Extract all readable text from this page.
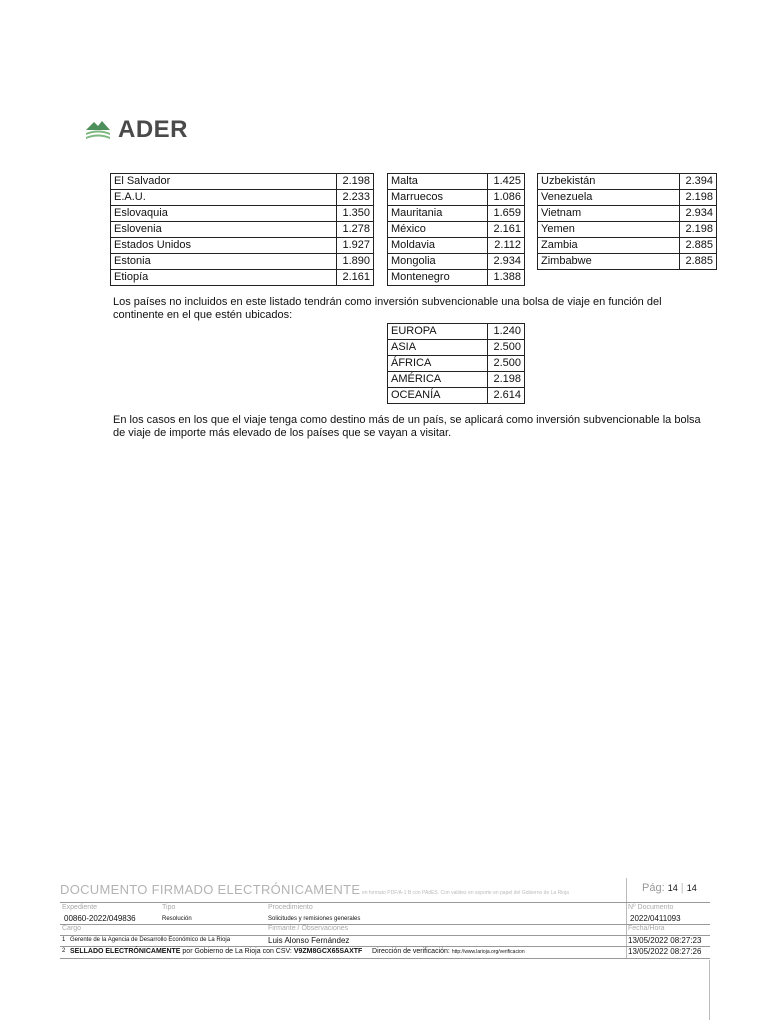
ADER
El Salvador	2.198
E.A.U.	2.233
Eslovaquia	1.350
Eslovenia	1.278
Estados Unidos	1.927
Estonia	1.890
Etiopía	2.161
Malta	1.425
Marruecos	1.086
Mauritania	1.659
México	2.161
Moldavia	2.112
Mongolia	2.934
Montenegro	1.388
Uzbekistán	2.394
Venezuela	2.198
Vietnam	2.934
Yemen	2.198
Zambia	2.885
Zimbabwe	2.885
Los países no incluidos en este listado tendrán como inversión subvencionable una bolsa de viaje en función del continente en el que estén ubicados:
EUROPA	1.240
ASIA	2.500
ÁFRICA	2.500
AMÉRICA	2.198
OCEANÍA	2.614
En los casos en los que el viaje tenga como destino más de un país, se aplicará como inversión subvencionable la bolsa de viaje de importe más elevado de los países que se vayan a visitar.
DOCUMENTO FIRMADO ELECTRÓNICAMENTE en formato PDF/A-1 B con PAdES. Con validez en soporte en papel del Gobierno de La Rioja	Pág: 14 | 14
Expediente	Tipo	Procedimiento	Nº Documento
00860-2022/049836	Resolución	Solicitudes y remisiones generales	2022/0411093
Cargo	Firmante / Observaciones	Fecha/Hora
1 Gerente de la Agencia de Desarrollo Económico de La Rioja	Luis Alonso Fernández	13/05/2022 08:27:23
2 SELLADO ELECTRÓNICAMENTE por Gobierno de La Rioja con CSV: V9ZM8GCX65SAXTF Dirección de verificación: http://www.larioja.org/verificacion	13/05/2022 08:27:26
